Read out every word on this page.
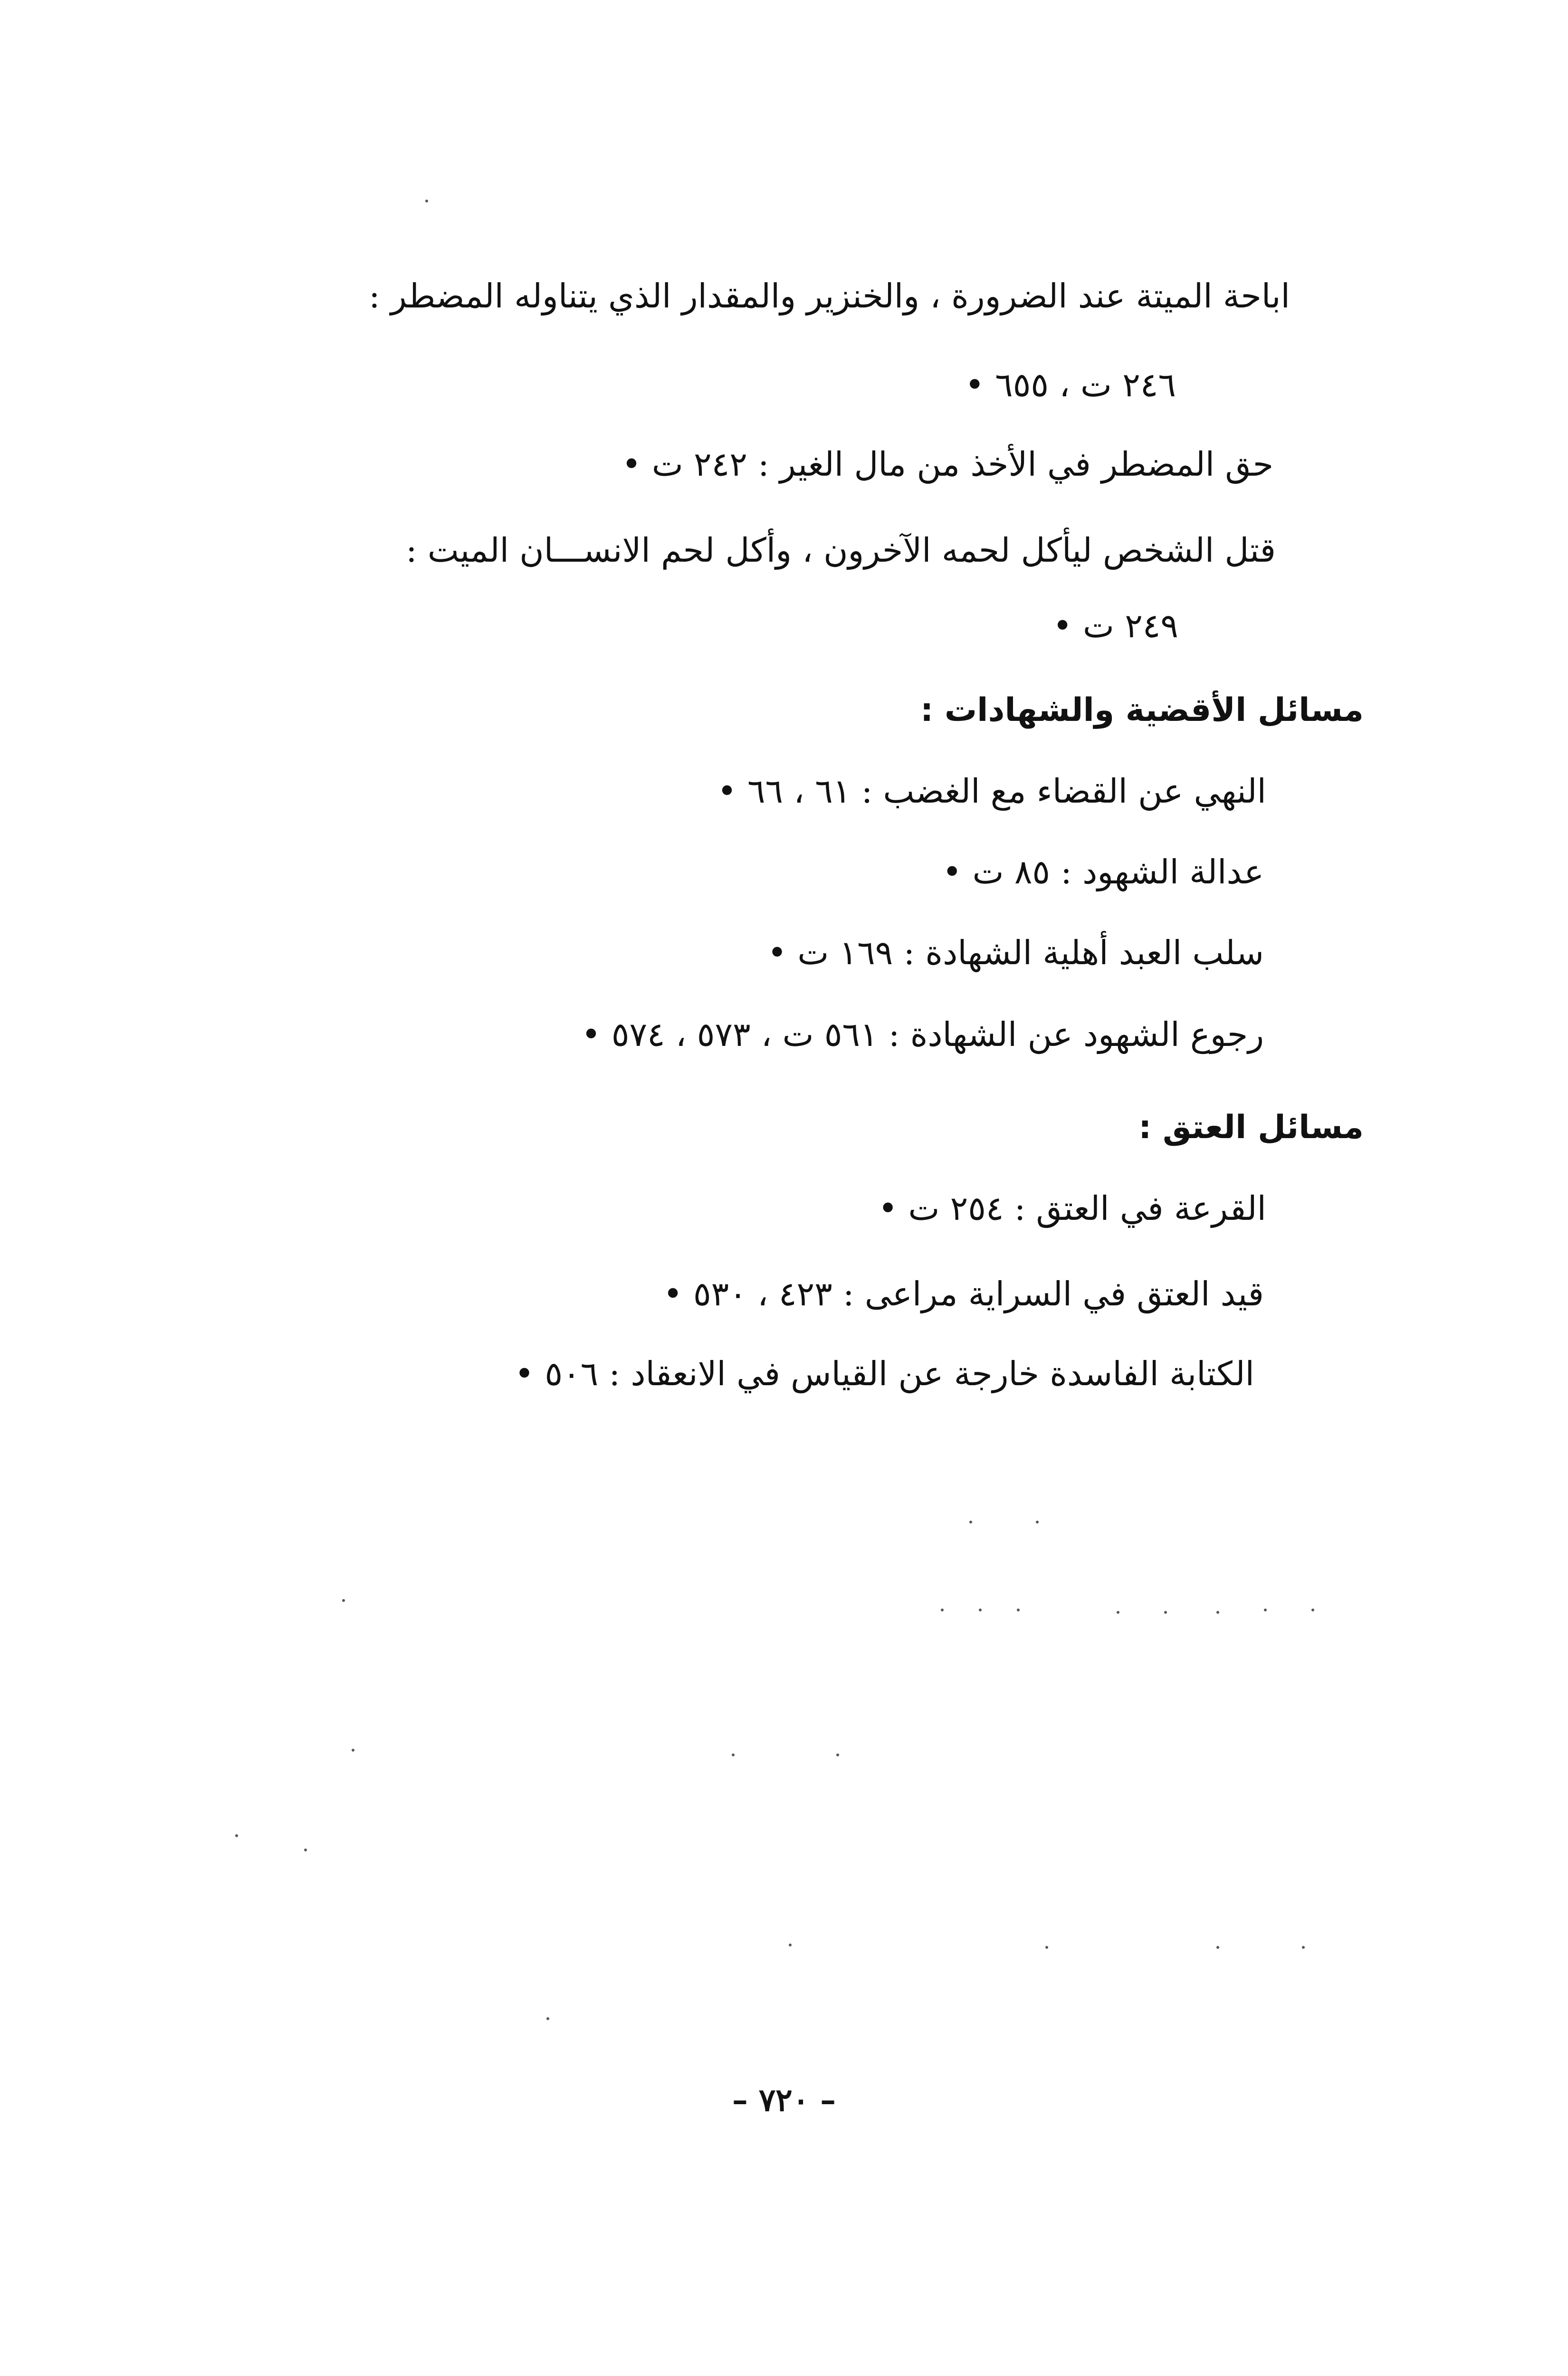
اباحة الميتة عند الضرورة ، والخنزير والمقدار الذي يتناوله المضطر :
٢٤٦ ت ، ٦٥٥ •
حق المضطر في الأخذ من مال الغير : ٢٤٢ ت •
قتل الشخص ليأكل لحمه الآخرون ، وأكل لحم الانســـان الميت :
٢٤٩ ت •
مسائل الأقضية والشهادات :
النهي عن القضاء مع الغضب : ٦١ ، ٦٦ •
عدالة الشهود : ٨٥ ت •
سلب العبد أهلية الشهادة : ١٦٩ ت •
رجوع الشهود عن الشهادة : ٥٦١ ت ، ٥٧٣ ، ٥٧٤ •
مسائل العتق :
القرعة في العتق : ٢٥٤ ت •
قيد العتق في السراية مراعى : ٤٢٣ ، ٥٣٠ •
الكتابة الفاسدة خارجة عن القياس في الانعقاد : ٥٠٦ •
– ٧٢٠ –
